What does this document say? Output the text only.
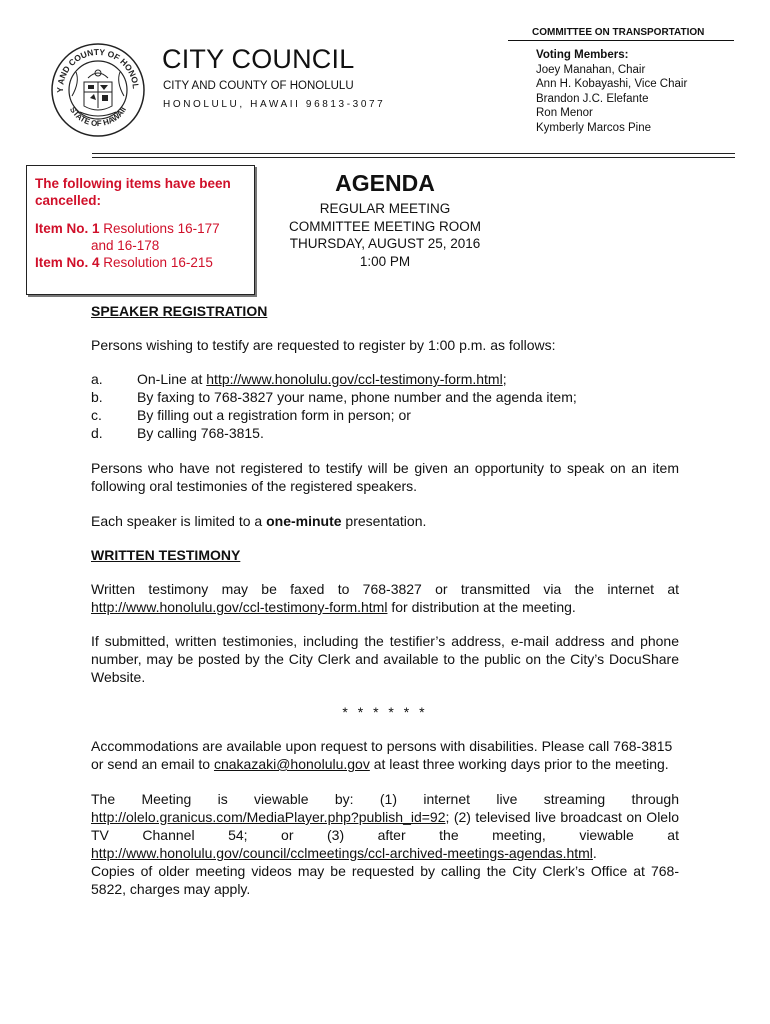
Y AND COUNTY OF HONOL
STATE OF HAWAII
CITY COUNCIL
CITY AND COUNTY OF HONOLULU
HONOLULU, HAWAII 96813-3077
COMMITTEE ON TRANSPORTATION
Voting Members:
Joey Manahan, Chair
Ann H. Kobayashi, Vice Chair
Brandon J.C. Elefante
Ron Menor
Kymberly Marcos Pine
The following items have been cancelled:
Item No. 1 Resolutions 16-177
and 16-178
Item No. 4 Resolution 16-215
AGENDA
REGULAR MEETING
COMMITTEE MEETING ROOM
THURSDAY, AUGUST 25, 2016
1:00 PM

SPEAKER REGISTRATION

Persons wishing to testify are requested to register by 1:00 p.m. as follows:

a.	On-Line at http://www.honolulu.gov/ccl-testimony-form.html;
b.	By faxing to 768-3827 your name, phone number and the agenda item;
c.	By filling out a registration form in person; or
d.	By calling 768-3815.

Persons who have not registered to testify will be given an opportunity to speak on an item following oral testimonies of the registered speakers.

Each speaker is limited to a one-minute presentation.

WRITTEN TESTIMONY

Written testimony may be faxed to 768-3827 or transmitted via the internet at http://www.honolulu.gov/ccl-testimony-form.html for distribution at the meeting.

If submitted, written testimonies, including the testifier’s address, e-mail address and phone number, may be posted by the City Clerk and available to the public on the City’s DocuShare Website.

* * * * * *

Accommodations are available upon request to persons with disabilities. Please call 768-3815 or send an email to cnakazaki@honolulu.gov at least three working days prior to the meeting.

The Meeting is viewable by: (1) internet live streaming through http://olelo.granicus.com/MediaPlayer.php?publish_id=92; (2) televised live broadcast on Olelo TV Channel 54; or (3) after the meeting, viewable at http://www.honolulu.gov/council/cclmeetings/ccl-archived-meetings-agendas.html.

Copies of older meeting videos may be requested by calling the City Clerk’s Office at 768-5822, charges may apply.
